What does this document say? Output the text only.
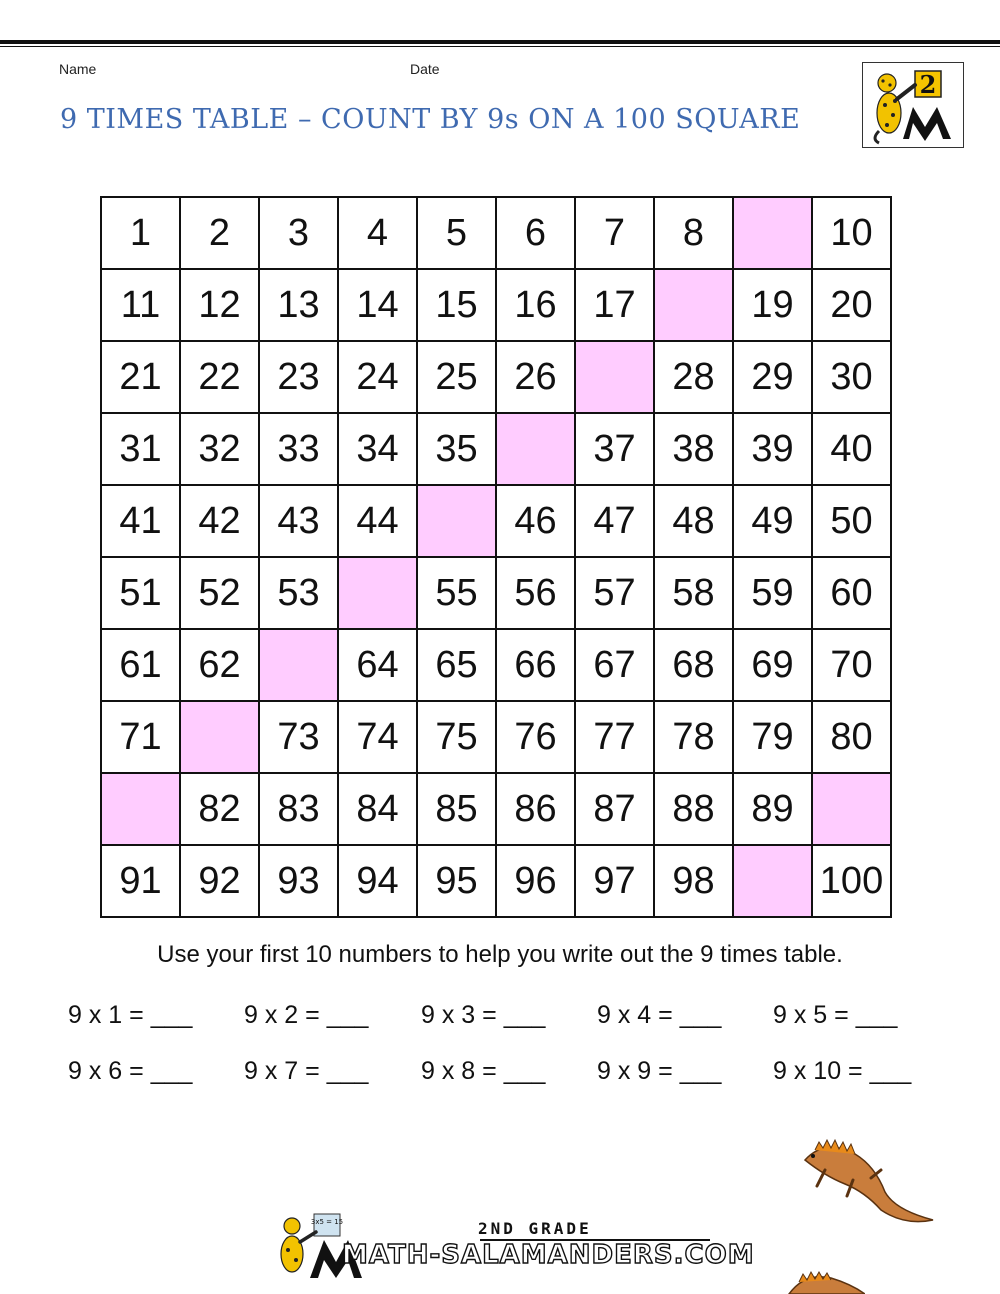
Name	Date
9 TIMES TABLE – COUNT BY 9s ON A 100 SQUARE
2
1	2	3	4	5	6	7	8		10
11	12	13	14	15	16	17		19	20
21	22	23	24	25	26		28	29	30
31	32	33	34	35		37	38	39	40
41	42	43	44		46	47	48	49	50
51	52	53		55	56	57	58	59	60
61	62		64	65	66	67	68	69	70
71		73	74	75	76	77	78	79	80
	82	83	84	85	86	87	88	89	
91	92	93	94	95	96	97	98		100
Use your first 10 numbers to help you write out the 9 times table.
9 x 1 = ___ 9 x 2 = ___ 9 x 3 = ___ 9 x 4 = ___ 9 x 5 = ___
9 x 6 = ___ 9 x 7 = ___ 9 x 8 = ___ 9 x 9 = ___ 9 x 10 = ___
3x5 = 15	2ND GRADE
MATH-SALAMANDERS.COM
